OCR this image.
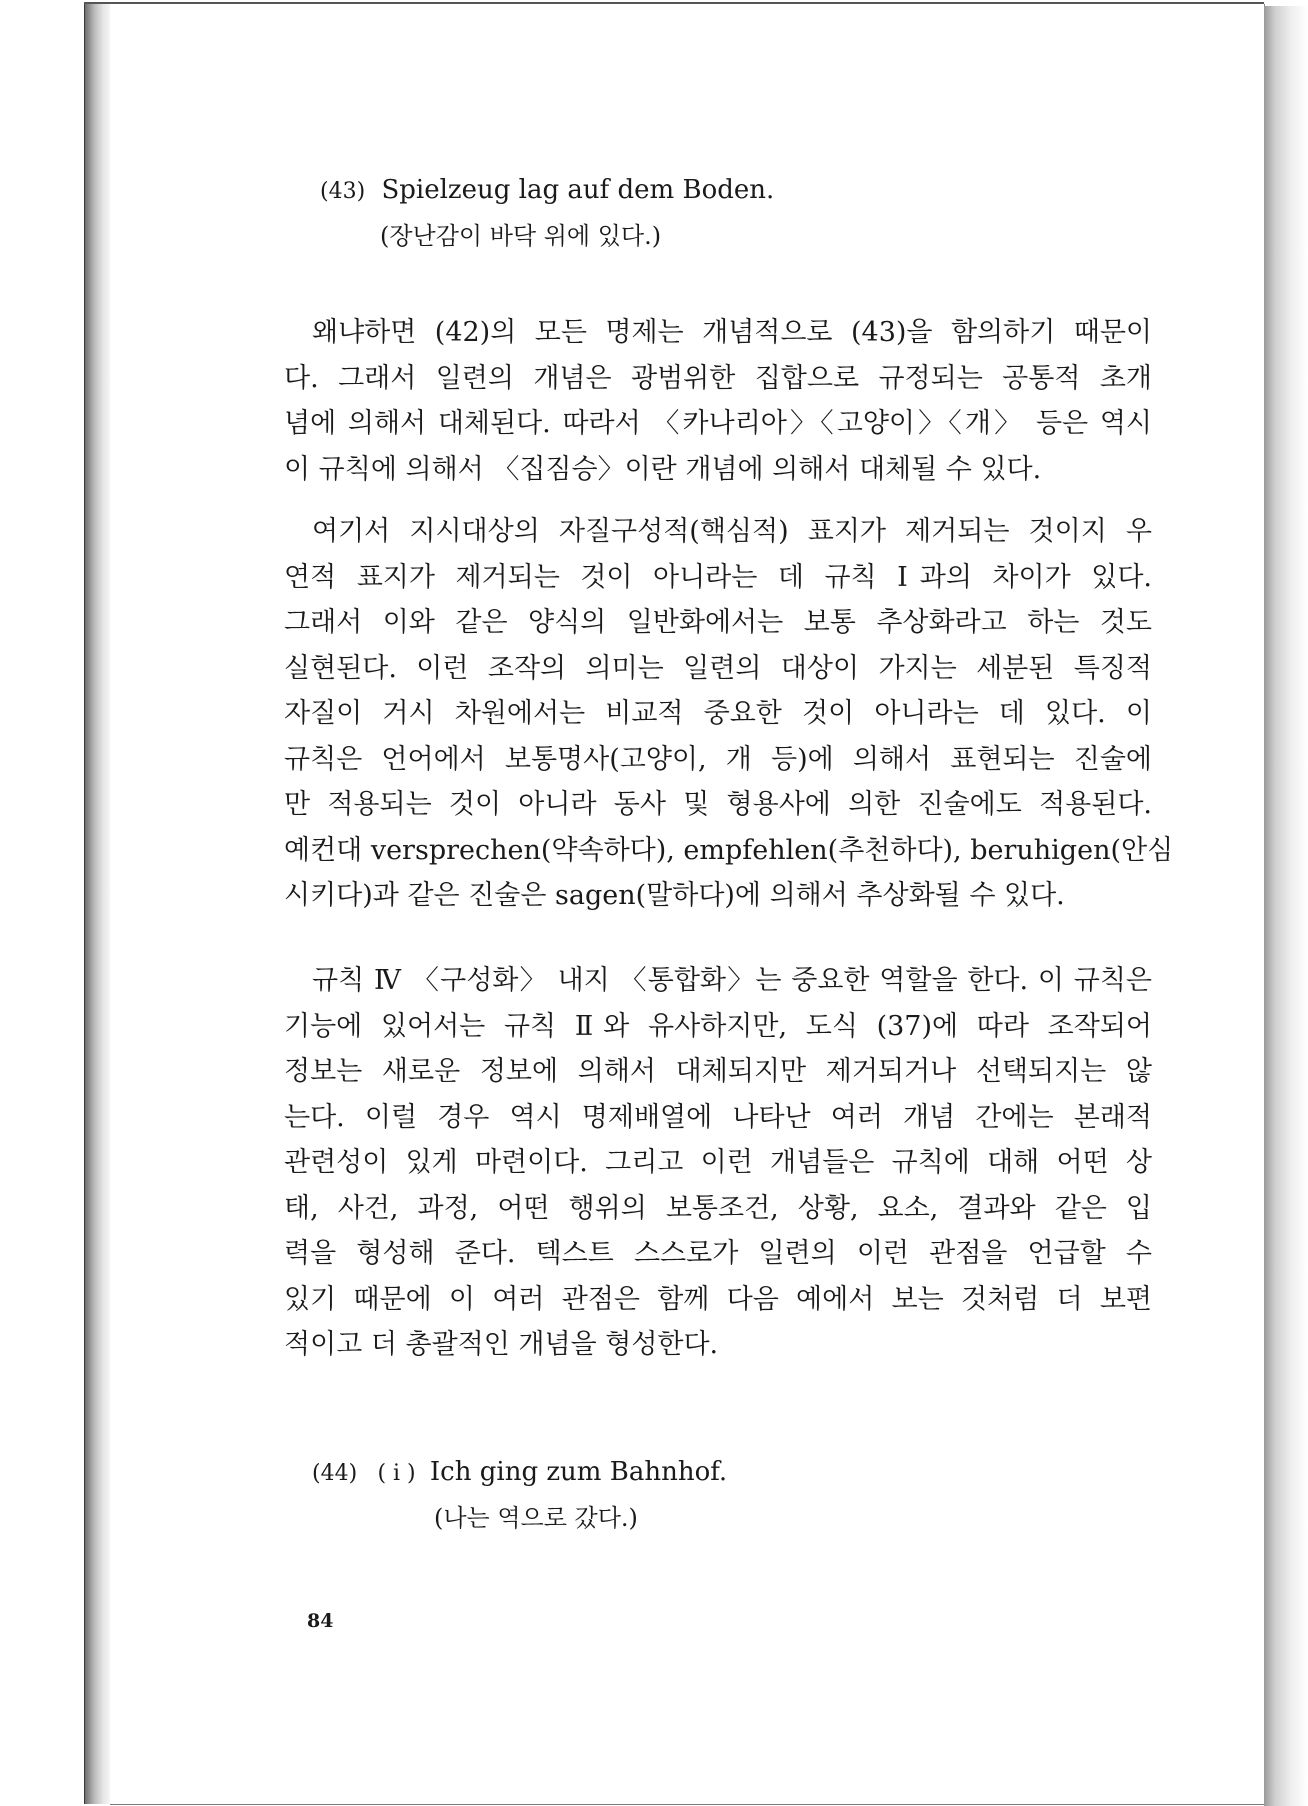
(43) Spielzeug lag auf dem Boden.
(장난감이 바닥 위에 있다.)
왜냐하면 (42)의 모든 명제는 개념적으로 (43)을 함의하기 때문이
다. 그래서 일련의 개념은 광범위한 집합으로 규정되는 공통적 초개
념에 의해서 대체된다. 따라서 〈카나리아〉〈고양이〉〈개〉 등은 역시
이 규칙에 의해서 〈집짐승〉이란 개념에 의해서 대체될 수 있다.
여기서 지시대상의 자질구성적(핵심적) 표지가 제거되는 것이지 우
연적 표지가 제거되는 것이 아니라는 데 규칙 Ⅰ과의 차이가 있다.
그래서 이와 같은 양식의 일반화에서는 보통 추상화라고 하는 것도
실현된다. 이런 조작의 의미는 일련의 대상이 가지는 세분된 특징적
자질이 거시 차원에서는 비교적 중요한 것이 아니라는 데 있다. 이
규칙은 언어에서 보통명사(고양이, 개 등)에 의해서 표현되는 진술에
만 적용되는 것이 아니라 동사 및 형용사에 의한 진술에도 적용된다.
예컨대 versprechen(약속하다), empfehlen(추천하다), beruhigen(안심
시키다)과 같은 진술은 sagen(말하다)에 의해서 추상화될 수 있다.
규칙 Ⅳ 〈구성화〉 내지 〈통합화〉는 중요한 역할을 한다. 이 규칙은
기능에 있어서는 규칙 Ⅱ와 유사하지만, 도식 (37)에 따라 조작되어
정보는 새로운 정보에 의해서 대체되지만 제거되거나 선택되지는 않
는다. 이럴 경우 역시 명제배열에 나타난 여러 개념 간에는 본래적
관련성이 있게 마련이다. 그리고 이런 개념들은 규칙에 대해 어떤 상
태, 사건, 과정, 어떤 행위의 보통조건, 상황, 요소, 결과와 같은 입
력을 형성해 준다. 텍스트 스스로가 일련의 이런 관점을 언급할 수
있기 때문에 이 여러 관점은 함께 다음 예에서 보는 것처럼 더 보편
적이고 더 총괄적인 개념을 형성한다.
(44) ( i ) Ich ging zum Bahnhof.
(나는 역으로 갔다.)
84
